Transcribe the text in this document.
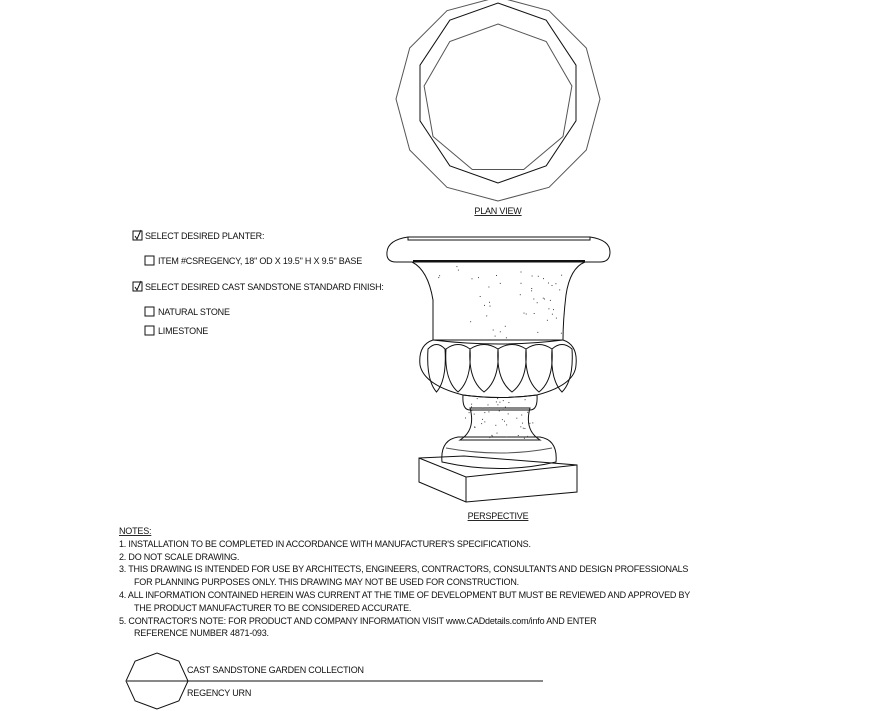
PLAN VIEW
SELECT DESIRED PLANTER:
ITEM #CSREGENCY, 18" OD X 19.5" H X 9.5" BASE
SELECT DESIRED CAST SANDSTONE STANDARD FINISH:
NATURAL STONE
LIMESTONE
PERSPECTIVE
NOTES:
1. INSTALLATION TO BE COMPLETED IN ACCORDANCE WITH MANUFACTURER'S SPECIFICATIONS.
2. DO NOT SCALE DRAWING.
3. THIS DRAWING IS INTENDED FOR USE BY ARCHITECTS, ENGINEERS, CONTRACTORS, CONSULTANTS AND DESIGN PROFESSIONALS
FOR PLANNING PURPOSES ONLY. THIS DRAWING MAY NOT BE USED FOR CONSTRUCTION.
4. ALL INFORMATION CONTAINED HEREIN WAS CURRENT AT THE TIME OF DEVELOPMENT BUT MUST BE REVIEWED AND APPROVED BY
THE PRODUCT MANUFACTURER TO BE CONSIDERED ACCURATE.
5. CONTRACTOR'S NOTE: FOR PRODUCT AND COMPANY INFORMATION VISIT www.CADdetails.com/info AND ENTER
REFERENCE NUMBER 4871-093.
CAST SANDSTONE GARDEN COLLECTION
REGENCY URN
